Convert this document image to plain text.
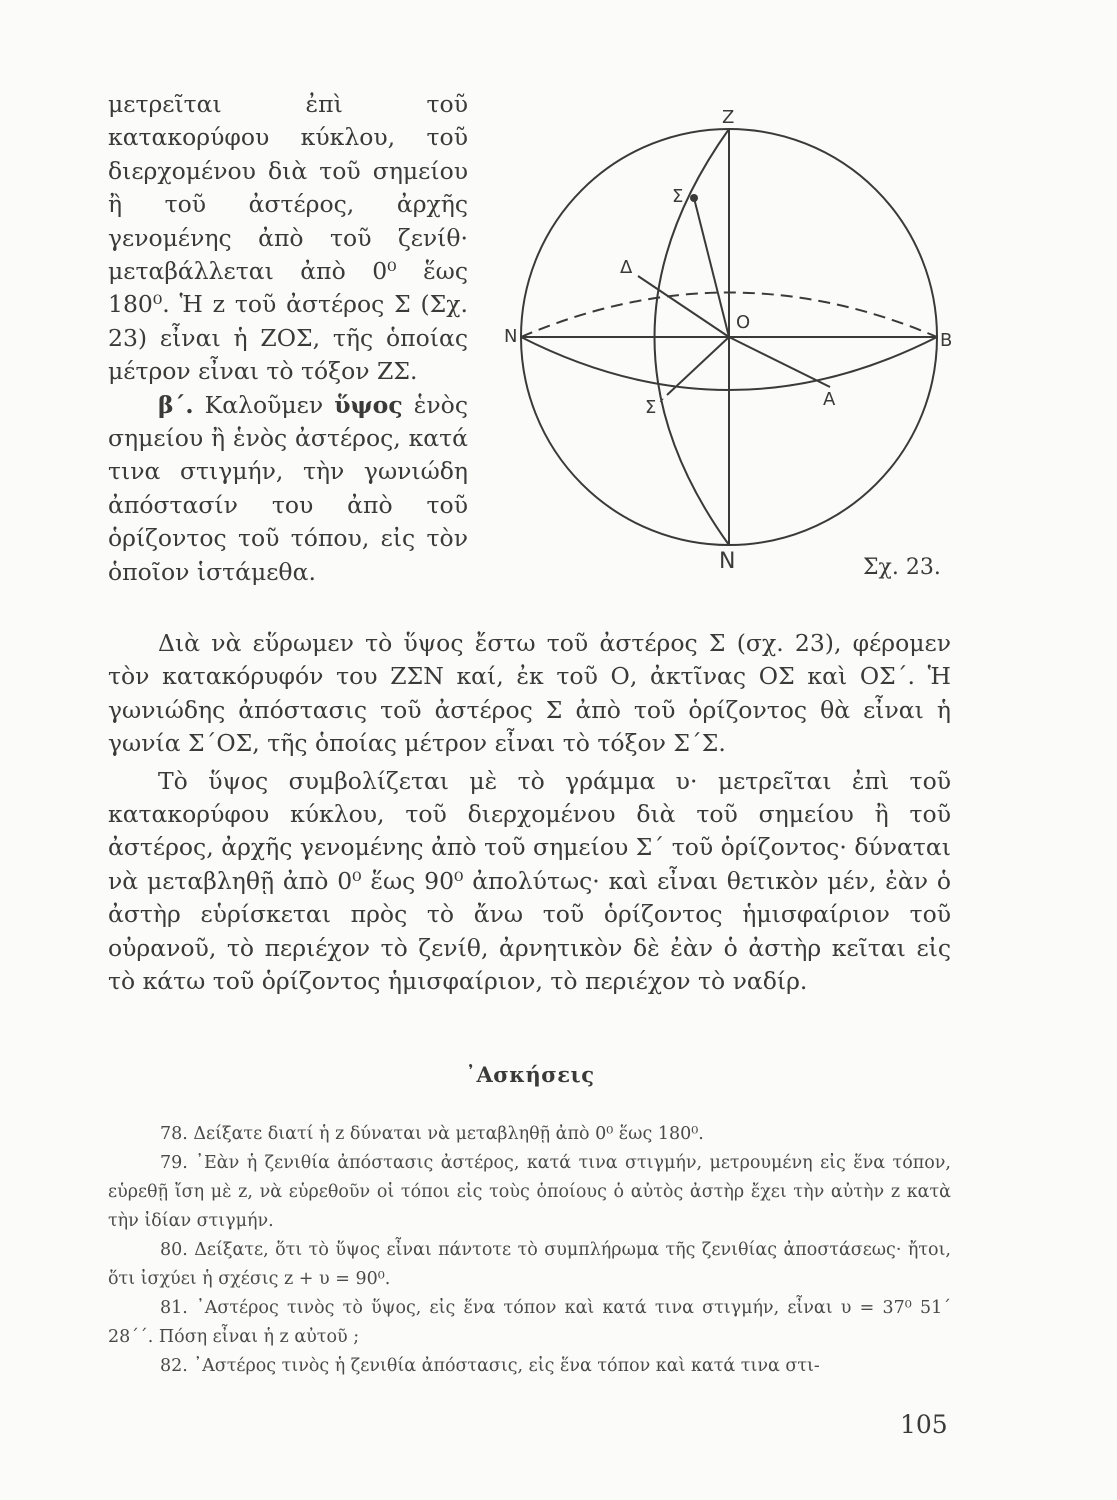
μετρεῖται ἐπὶ τοῦ κατακορύφου κύκλου, τοῦ διερχομένου διὰ τοῦ σημείου ἢ τοῦ ἀστέρος, ἀρχῆς γενομένης ἀπὸ τοῦ ζενίθ· μεταβάλλεται ἀπὸ 0⁰ ἕως 180⁰. Ἡ z τοῦ ἀστέρος Σ (Σχ. 23) εἶναι ἡ ΖΟΣ, τῆς ὁποίας μέτρον εἶναι τὸ τόξον ΖΣ.

β΄. Καλοῦμεν ὕψος ἑνὸς σημείου ἢ ἑνὸς ἀστέρος, κατά τινα στιγμήν, τὴν γωνιώδη ἀπόστασίν του ἀπὸ τοῦ ὁρίζοντος τοῦ τόπου, εἰς τὸν ὁποῖον ἱστάμεθα.

Z
Σ
Δ
N
O
B
Σ΄	A
N	Σχ. 23.

Διὰ νὰ εὕρωμεν τὸ ὕψος ἔστω τοῦ ἀστέρος Σ (σχ. 23), φέρομεν τὸν κατακόρυφόν του ΖΣΝ καί, ἐκ τοῦ Ο, ἀκτῖνας ΟΣ καὶ ΟΣ΄. Ἡ γωνιώδης ἀπόστασις τοῦ ἀστέρος Σ ἀπὸ τοῦ ὁρίζοντος θὰ εἶναι ἡ γωνία Σ΄ΟΣ, τῆς ὁποίας μέτρον εἶναι τὸ τόξον Σ΄Σ.

Τὸ ὕψος συμβολίζεται μὲ τὸ γράμμα υ· μετρεῖται ἐπὶ τοῦ κατακορύφου κύκλου, τοῦ διερχομένου διὰ τοῦ σημείου ἢ τοῦ ἀστέρος, ἀρχῆς γενομένης ἀπὸ τοῦ σημείου Σ΄ τοῦ ὁρίζοντος· δύναται νὰ μεταβληθῇ ἀπὸ 0⁰ ἕως 90⁰ ἀπολύτως· καὶ εἶναι θετικὸν μέν, ἐὰν ὁ ἀστὴρ εὑρίσκεται πρὸς τὸ ἄνω τοῦ ὁρίζοντος ἡμισφαίριον τοῦ οὐρανοῦ, τὸ περιέχον τὸ ζενίθ, ἀρνητικὸν δὲ ἐὰν ὁ ἀστὴρ κεῖται εἰς τὸ κάτω τοῦ ὁρίζοντος ἡμισφαίριον, τὸ περιέχον τὸ ναδίρ.

᾿Ασκήσεις

78. Δείξατε διατί ἡ z δύναται νὰ μεταβληθῇ ἀπὸ 0⁰ ἕως 180⁰.

79. ᾿Εὰν ἡ ζενιθία ἀπόστασις ἀστέρος, κατά τινα στιγμήν, μετρουμένη εἰς ἕνα τόπον, εὑρεθῇ ἴση μὲ z, νὰ εὑρεθοῦν οἱ τόποι εἰς τοὺς ὁποίους ὁ αὐτὸς ἀστὴρ ἔχει τὴν αὐτὴν z κατὰ τὴν ἰδίαν στιγμήν.

80. Δείξατε, ὅτι τὸ ὕψος εἶναι πάντοτε τὸ συμπλήρωμα τῆς ζενιθίας ἀποστάσεως· ἤτοι, ὅτι ἰσχύει ἡ σχέσις z + υ = 90⁰.

81. ᾿Αστέρος τινὸς τὸ ὕψος, εἰς ἕνα τόπον καὶ κατά τινα στιγμήν, εἶναι υ = 37⁰ 51΄ 28΄΄. Πόση εἶναι ἡ z αὐτοῦ ;

82. ᾿Αστέρος τινὸς ἡ ζενιθία ἀπόστασις, εἰς ἕνα τόπον καὶ κατά τινα στι-

105
